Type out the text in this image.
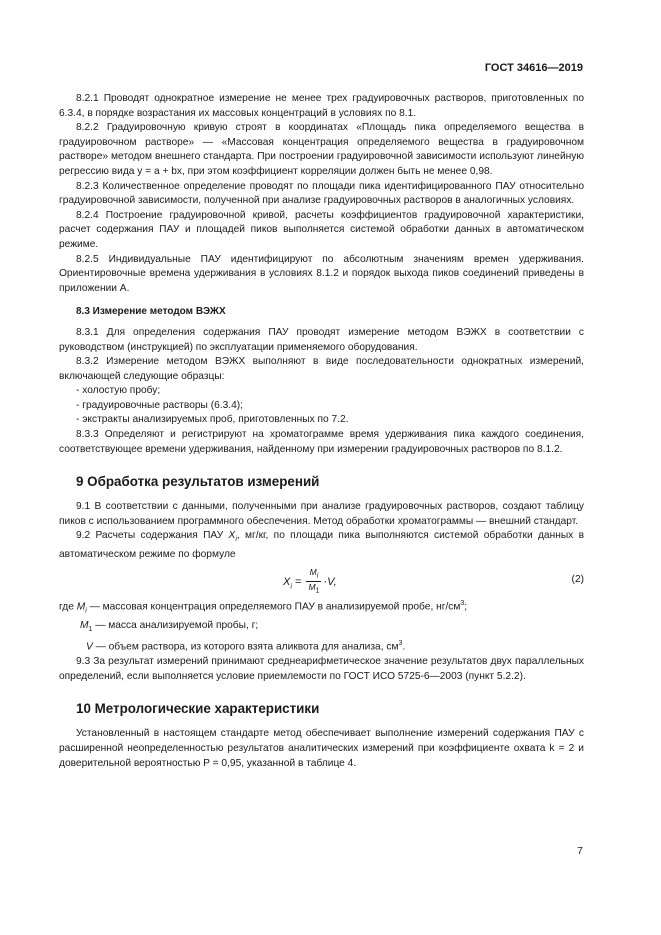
ГОСТ 34616—2019

8.2.1 Проводят однократное измерение не менее трех градуировочных растворов, приготовленных по 6.3.4, в порядке возрастания их массовых концентраций в условиях по 8.1.

8.2.2 Градуировочную кривую строят в координатах «Площадь пика определяемого вещества в градуировочном растворе» — «Массовая концентрация определяемого вещества в градуировочном растворе» методом внешнего стандарта. При построении градуировочной зависимости используют линейную регрессию вида y = a + bx, при этом коэффициент корреляции должен быть не менее 0,98.

8.2.3 Количественное определение проводят по площади пика идентифицированного ПАУ относительно градуировочной зависимости, полученной при анализе градуировочных растворов в аналогичных условиях.

8.2.4 Построение градуировочной кривой, расчеты коэффициентов градуировочной характеристики, расчет содержания ПАУ и площадей пиков выполняется системой обработки данных в автоматическом режиме.

8.2.5 Индивидуальные ПАУ идентифицируют по абсолютным значениям времен удерживания. Ориентировочные времена удерживания в условиях 8.1.2 и порядок выхода пиков соединений приведены в приложении А.

8.3 Измерение методом ВЭЖХ

8.3.1 Для определения содержания ПАУ проводят измерение методом ВЭЖХ в соответствии с руководством (инструкцией) по эксплуатации применяемого оборудования.

8.3.2 Измерение методом ВЭЖХ выполняют в виде последовательности однократных измерений, включающей следующие образцы:

- холостую пробу;

- градуировочные растворы (6.3.4);

- экстракты анализируемых проб, приготовленных по 7.2.

8.3.3 Определяют и регистрируют на хроматограмме время удерживания пика каждого соединения, соответствующее времени удерживания, найденному при измерении градуировочных растворов по 8.1.2.

9 Обработка результатов измерений

9.1 В соответствии с данными, полученными при анализе градуировочных растворов, создают таблицу пиков с использованием программного обеспечения. Метод обработки хроматограммы — внешний стандарт.

9.2 Расчеты содержания ПАУ $X_i$, мг/кг, по площади пика выполняются системой обработки данных в автоматическом режиме по формуле

$X_i = \frac{M_i}{M_1} \cdot V$,	(2)

где $M_i$ — массовая концентрация определяемого ПАУ в анализируемой пробе, $нг/см^3$;

$M_1$ — масса анализируемой пробы, г;

V — объем раствора, из которого взята аликвота для анализа, $см^3$.

9.3 За результат измерений принимают среднеарифметическое значение результатов двух параллельных определений, если выполняется условие приемлемости по ГОСТ ИСО 5725-6—2003 (пункт 5.2.2).

10 Метрологические характеристики

Установленный в настоящем стандарте метод обеспечивает выполнение измерений содержания ПАУ с расширенной неопределенностью результатов аналитических измерений при коэффициенте охвата k = 2 и доверительной вероятностью P = 0,95, указанной в таблице 4.

7
